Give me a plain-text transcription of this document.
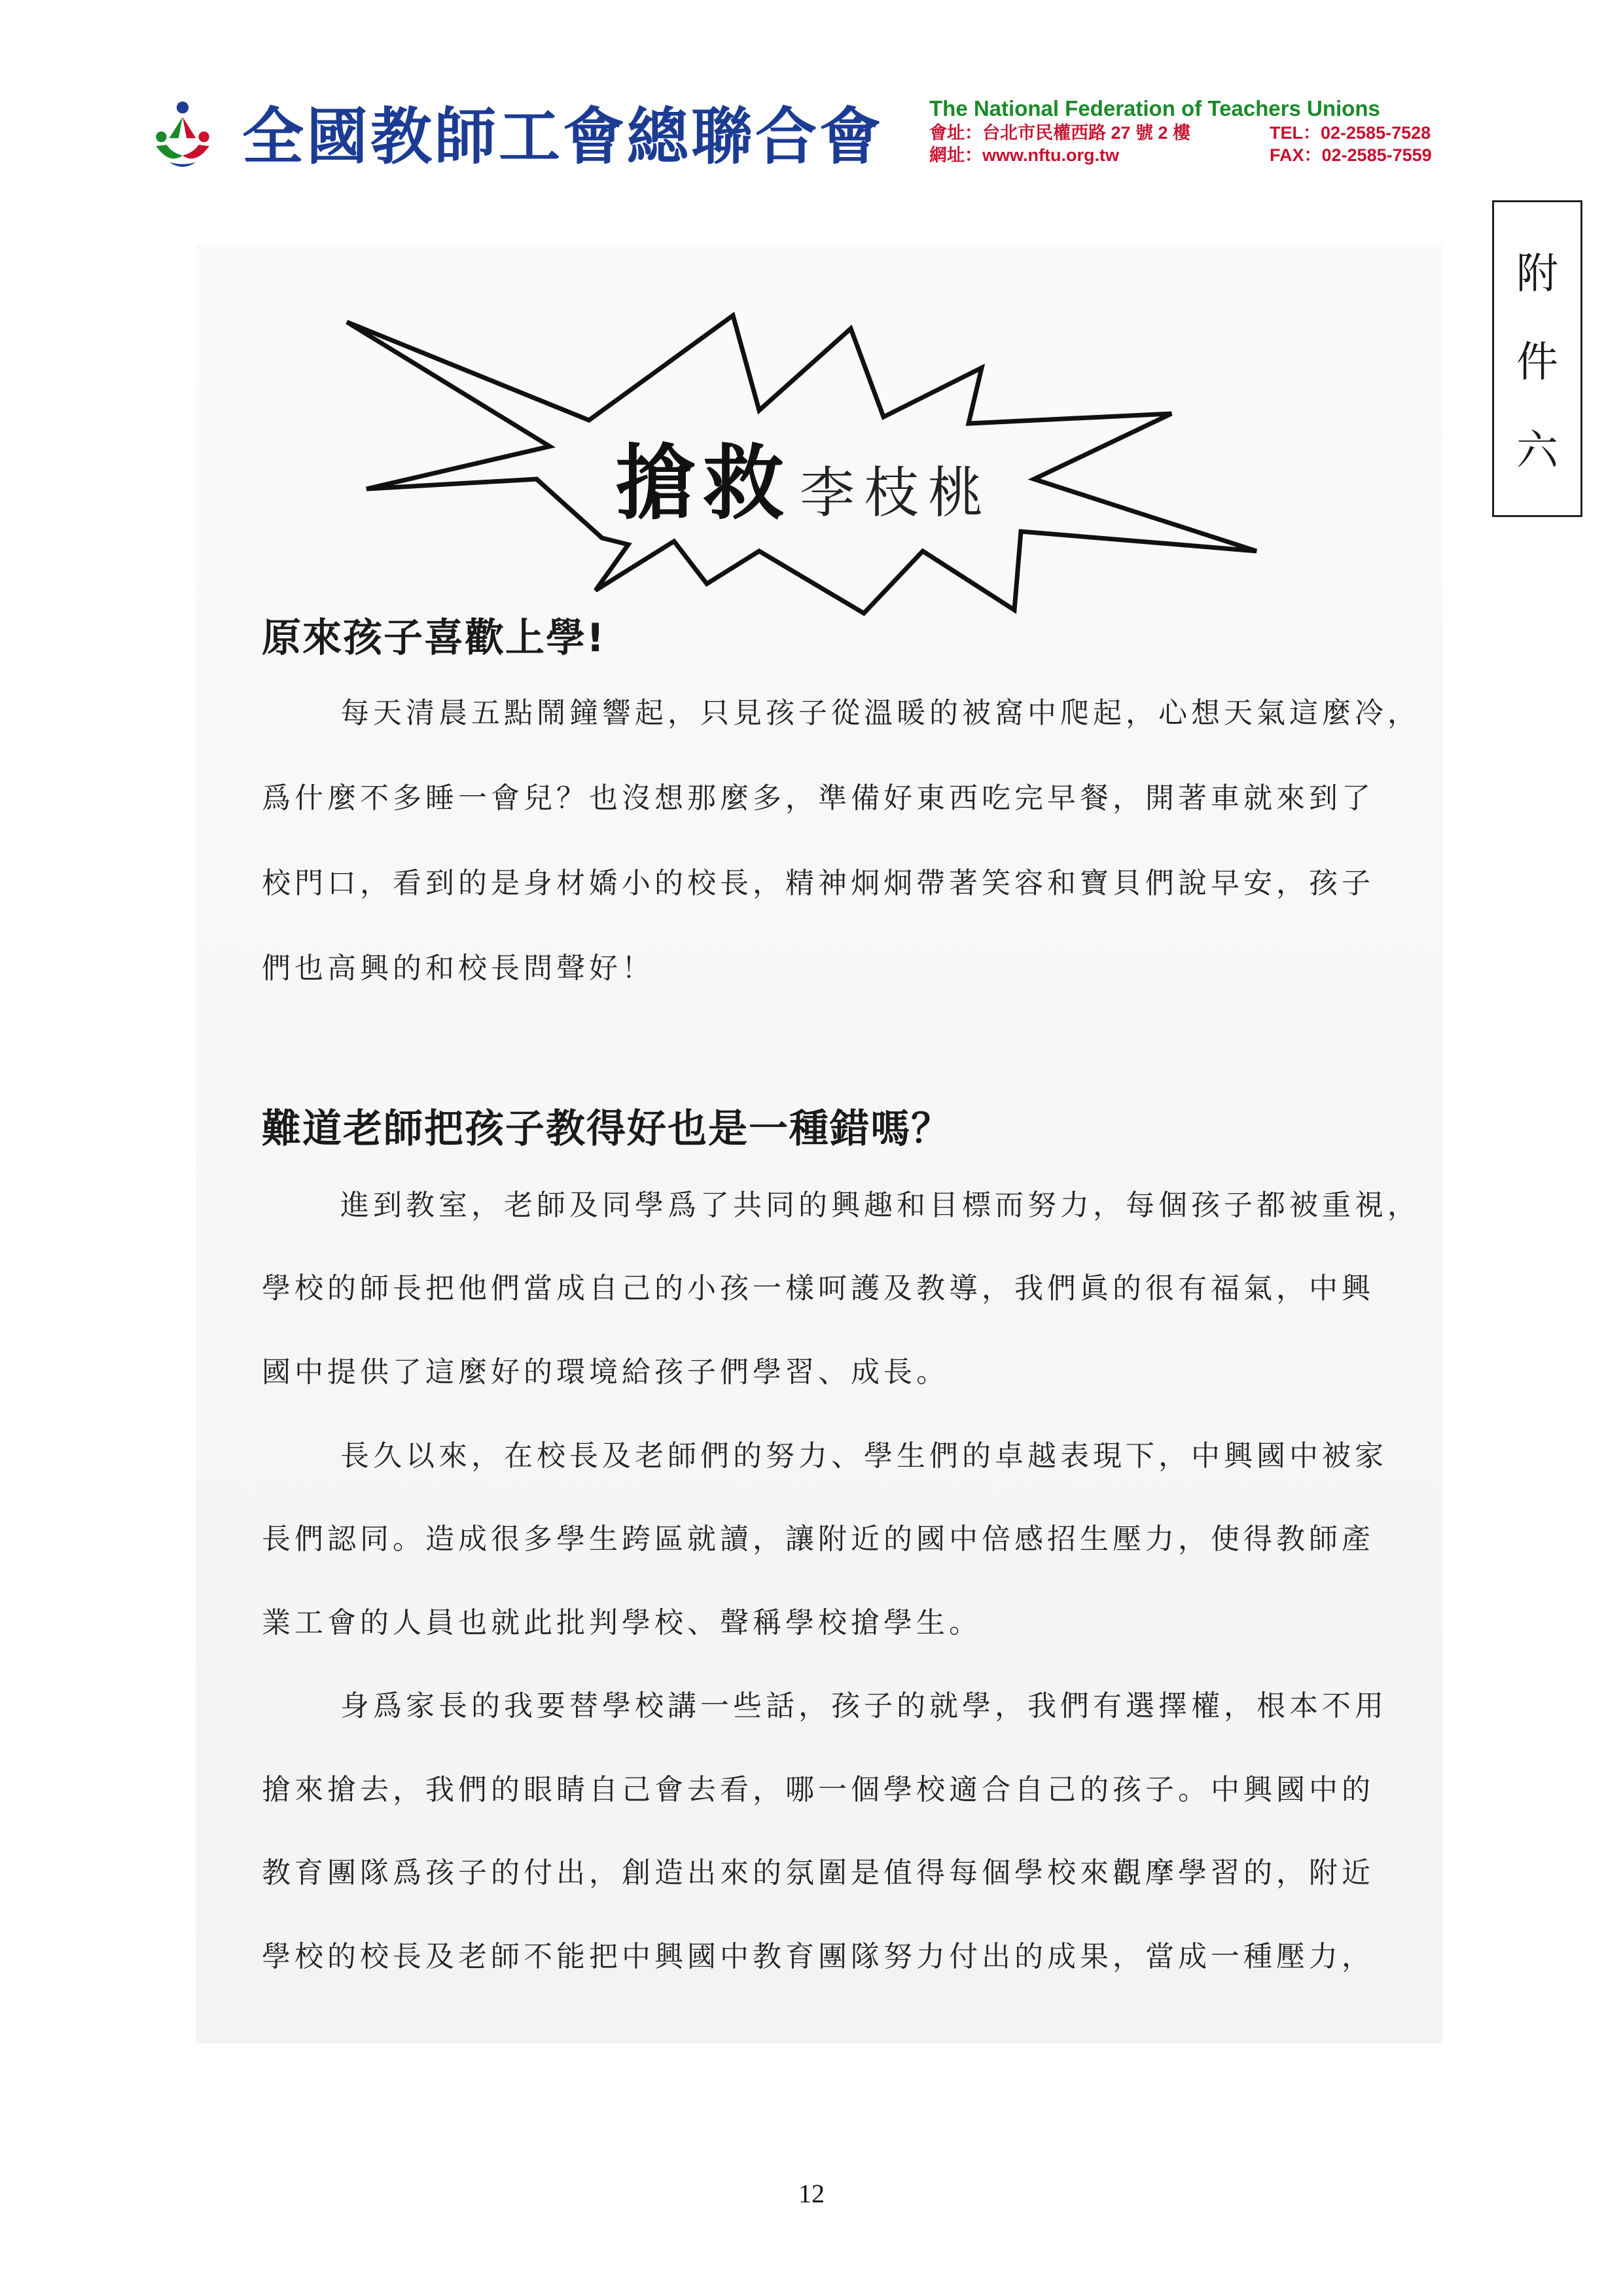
全國教師工會總聯合會 The National Federation of Teachers Unions
會址：台北市民權西路 27 號 2 樓	TEL：02-2585-7528
網址：www.nftu.org.tw	FAX：02-2585-7559
附
件
六
搶救 李枝桃
原來孩子喜歡上學!
每天清晨五點鬧鐘響起，只見孩子從溫暖的被窩中爬起，心想天氣這麼冷，
爲什麼不多睡一會兒？也沒想那麼多，準備好東西吃完早餐，開著車就來到了
校門口，看到的是身材嬌小的校長，精神炯炯帶著笑容和寶貝們說早安，孩子
們也高興的和校長問聲好！
難道老師把孩子教得好也是一種錯嗎？
進到教室，老師及同學爲了共同的興趣和目標而努力，每個孩子都被重視，
學校的師長把他們當成自己的小孩一樣呵護及教導，我們眞的很有福氣，中興
國中提供了這麼好的環境給孩子們學習、成長。
長久以來，在校長及老師們的努力、學生們的卓越表現下，中興國中被家
長們認同。造成很多學生跨區就讀，讓附近的國中倍感招生壓力，使得教師產
業工會的人員也就此批判學校、聲稱學校搶學生。
身爲家長的我要替學校講一些話，孩子的就學，我們有選擇權，根本不用
搶來搶去，我們的眼睛自己會去看，哪一個學校適合自己的孩子。中興國中的
教育團隊爲孩子的付出，創造出來的氛圍是值得每個學校來觀摩學習的，附近
學校的校長及老師不能把中興國中教育團隊努力付出的成果，當成一種壓力，
12
